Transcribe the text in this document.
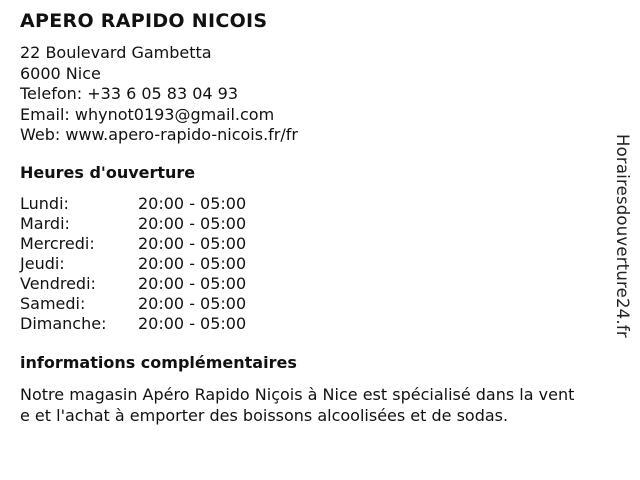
APERO RAPIDO NICOIS
22 Boulevard Gambetta
6000 Nice
Telefon: +33 6 05 83 04 93
Email: whynot0193@gmail.com
Web: www.apero-rapido-nicois.fr/fr
Heures d'ouverture
Lundi:	20:00 - 05:00
Mardi:	20:00 - 05:00
Mercredi:	20:00 - 05:00
Jeudi:	20:00 - 05:00
Vendredi:	20:00 - 05:00
Samedi:	20:00 - 05:00
Dimanche:	20:00 - 05:00
informations complémentaires
Notre magasin Apéro Rapido Niçois à Nice est spécialisé dans la vent
e et l'achat à emporter des boissons alcoolisées et de sodas.
Horairesdouverture24.fr
